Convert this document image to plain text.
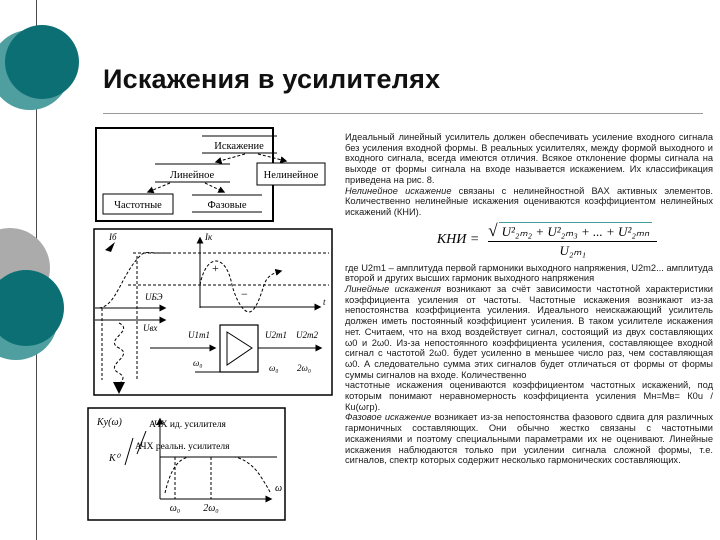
Искажения в усилителях
Искажение
Линейное	Нелинейное
Частотные	Фазовые
Iб
UБЭ
Uвх
Iк
t
+
−
U1m1
ω₀
U2m1 U2m2
ω₀ 2ω₀
Kу(ω)	АЧХ ид. усилителя
АЧХ реальн. усилителя
K⁰
ω
ω₀ 2ω₀

Идеальный линейный усилитель должен обеспечивать усиление входного сигнала без усиления входной формы. В реальных усилителях, между формой выходного и входного сигнала, всегда имеются отличия. Всякое отклонение формы сигнала на выходе от формы сигнала на входе называется искажением. Их классификация приведена на рис. 8.

Нелинейное искажение связаны с нелинейностной ВАХ активных элементов. Количественно нелинейные искажения оцениваются коэффициентом нелинейных искажений (КНИ).

КНИ = $\frac{\text{√ U²₂ₘ₂ + U²₂ₘ₃ + ... + U²₂ₘₙ}}{\text{U₂ₘ₁}}$

где U2m1 – амплитуда первой гармоники выходного напряжения, U2m2... амплитуда второй и других высших гармоник выходного напряжения

Линейные искажения возникают за счёт зависимости частотной характеристики коэффициента усиления от частоты. Частотные искажения возникают из-за непостоянства коэффициента усиления. Идеального неискажающий усилитель должен иметь постоянный коэффициент усиления. В таком усилителе искажения нет. Считаем, что на вход воздействует сигнал, состоящий из двух составляющих ω0 и 2ω0. Из-за непостоянного коэффициента усиления, составляющее входной сигнал с частотой 2ω0. будет усиленно в меньшее число раз, чем составляющая ω0. А следовательно сумма этих сигналов будет отличаться от формы от формы суммы сигналов на входе. Количественно

частотные искажения оцениваются коэффициентом частотных искажений, под которым понимают неравномерность коэффициента усиления Мн=Мв= К0u /Кu(ωгр).

Фазовое искажение возникает из-за непостоянства фазового сдвига для различных гармоничных составляющих. Они обычно жестко связаны с частотными искажениями и поэтому специальными параметрами их не оценивают. Линейные искажения наблюдаются только при усилении сигнала сложной формы, т.е. сигналов, спектр которых содержит несколько гармонических составляющих.
